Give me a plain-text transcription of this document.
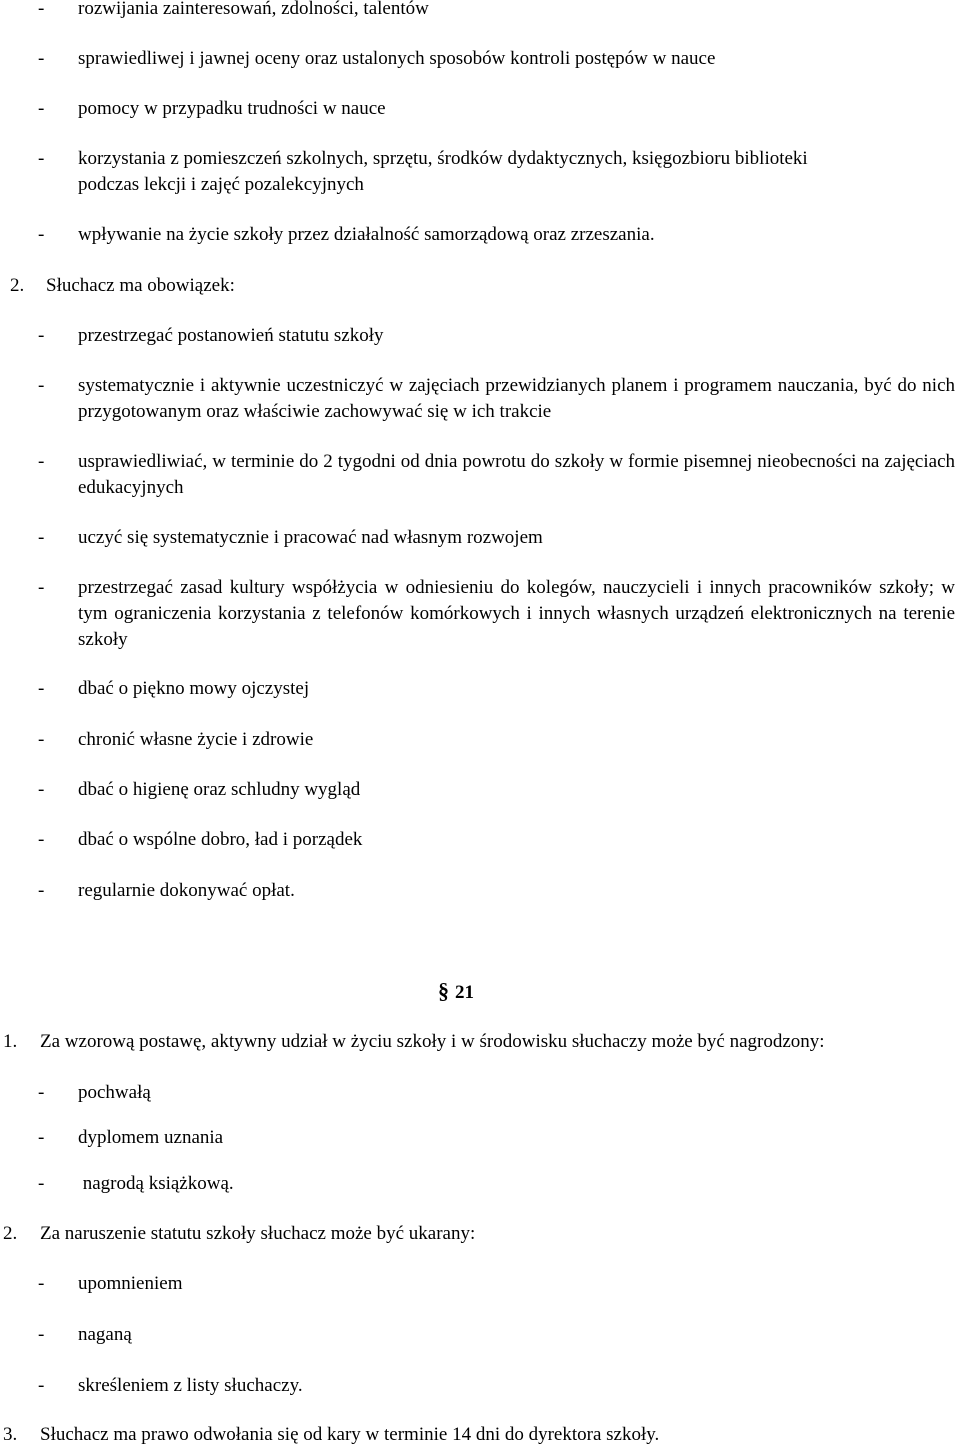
- rozwijania zainteresowań, zdolności, talentów
- sprawiedliwej i jawnej oceny oraz ustalonych sposobów kontroli postępów w nauce
- pomocy w przypadku trudności w nauce
- korzystania z pomieszczeń szkolnych, sprzętu, środków dydaktycznych, księgozbioru biblioteki
podczas lekcji i zajęć pozalekcyjnych
- wpływanie na życie szkoły przez działalność samorządową oraz zrzeszania.
2. Słuchacz ma obowiązek:
- przestrzegać postanowień statutu szkoły
- systematycznie i aktywnie uczestniczyć w zajęciach przewidzianych planem i programem nauczania, być do nich przygotowanym oraz właściwie zachowywać się w ich trakcie
- usprawiedliwiać, w terminie do 2 tygodni od dnia powrotu do szkoły w formie pisemnej nieobecności na zajęciach edukacyjnych
- uczyć się systematycznie i pracować nad własnym rozwojem
- przestrzegać zasad kultury współżycia w odniesieniu do kolegów, nauczycieli i innych pracowników szkoły; w tym ograniczenia korzystania z telefonów komórkowych i innych własnych urządzeń elektronicznych na terenie szkoły
- dbać o piękno mowy ojczystej
- chronić własne życie i zdrowie
- dbać o higienę oraz schludny wygląd
- dbać o wspólne dobro, ład i porządek
- regularnie dokonywać opłat.
§ 21
1. Za wzorową postawę, aktywny udział w życiu szkoły i w środowisku słuchaczy może być nagrodzony:
- pochwałą
- dyplomem uznania
- nagrodą książkową.
2. Za naruszenie statutu szkoły słuchacz może być ukarany:
- upomnieniem
- naganą
- skreśleniem z listy słuchaczy.
3. Słuchacz ma prawo odwołania się od kary w terminie 14 dni do dyrektora szkoły.
